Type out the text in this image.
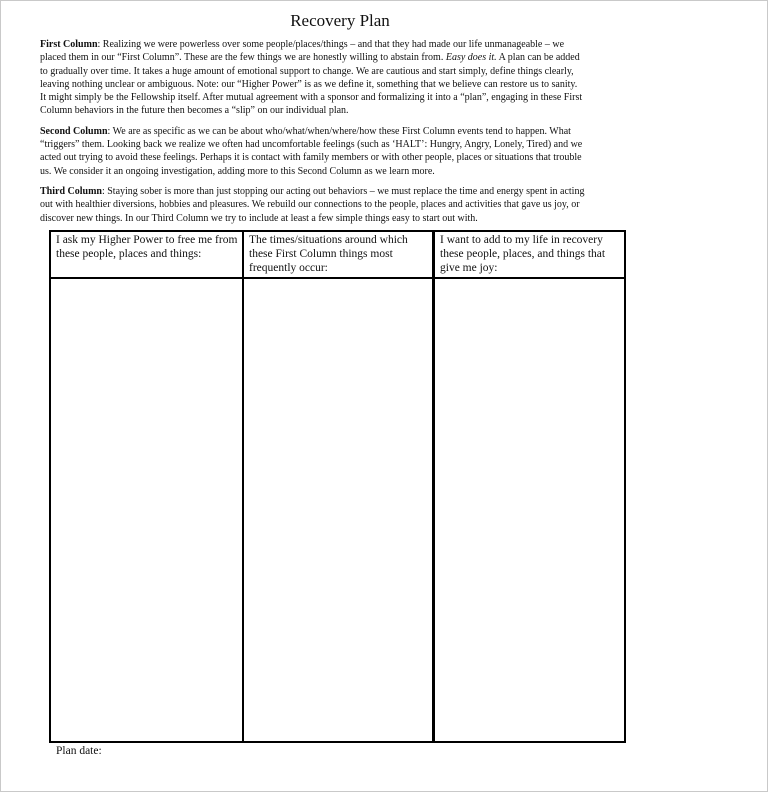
Recovery Plan

First Column: Realizing we were powerless over some people/places/things – and that they had made our life unmanageable – we placed them in our “First Column”. These are the few things we are honestly willing to abstain from. Easy does it. A plan can be added to gradually over time. It takes a huge amount of emotional support to change. We are cautious and start simply, define things clearly, leaving nothing unclear or ambiguous. Note: our “Higher Power” is as we define it, something that we believe can restore us to sanity. It might simply be the Fellowship itself. After mutual agreement with a sponsor and formalizing it into a “plan”, engaging in these First Column behaviors in the future then becomes a “slip” on our individual plan.

Second Column: We are as specific as we can be about who/what/when/where/how these First Column events tend to happen. What “triggers” them. Looking back we realize we often had uncomfortable feelings (such as ‘HALT’: Hungry, Angry, Lonely, Tired) and we acted out trying to avoid these feelings. Perhaps it is contact with family members or with other people, places or situations that trouble us. We consider it an ongoing investigation, adding more to this Second Column as we learn more.

Third Column: Staying sober is more than just stopping our acting out behaviors – we must replace the time and energy spent in acting out with healthier diversions, hobbies and pleasures. We rebuild our connections to the people, places and activities that gave us joy, or discover new things. In our Third Column we try to include at least a few simple things easy to start out with.

I ask my Higher Power to free me from these people, places and things:	The times/situations around which these First Column things most frequently occur:	I want to add to my life in recovery these people, places, and things that give me joy:

Plan date:
